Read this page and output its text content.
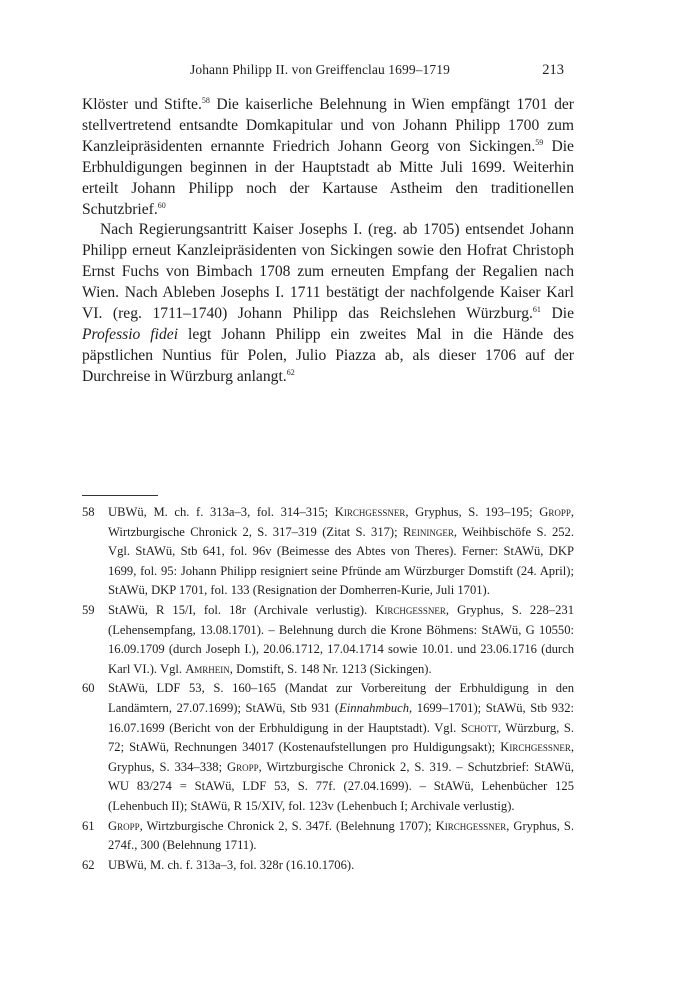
Johann Philipp II. von Greiffenclau 1699–1719	213

Klöster und Stifte.$^{58}$ Die kaiserliche Belehnung in Wien empfängt 1701 der stellvertretend entsandte Domkapitular und von Johann Philipp 1700 zum Kanzleipräsidenten ernannte Friedrich Johann Georg von Sickingen.$^{59}$ Die Erbhuldigungen beginnen in der Hauptstadt ab Mitte Juli 1699. Weiterhin erteilt Johann Philipp noch der Kartause Astheim den traditionellen Schutzbrief.$^{60}$

Nach Regierungsantritt Kaiser Josephs I. (reg. ab 1705) entsendet Johann Philipp erneut Kanzleipräsidenten von Sickingen sowie den Hofrat Christoph Ernst Fuchs von Bimbach 1708 zum erneuten Empfang der Regalien nach Wien. Nach Ableben Josephs I. 1711 bestätigt der nachfolgende Kaiser Karl VI. (reg. 1711–1740) Johann Philipp das Reichslehen Würzburg.$^{61}$ Die Professio fidei legt Johann Philipp ein zweites Mal in die Hände des päpstlichen Nuntius für Polen, Julio Piazza ab, als dieser 1706 auf der Durchreise in Würzburg anlangt.$^{62}$

58	UBWü, M. ch. f. 313a–3, fol. 314–315; Kirchgessner, Gryphus, S. 193–195; Gropp, Wirtzburgische Chronick 2, S. 317–319 (Zitat S. 317); Reininger, Weihbischöfe S. 252. Vgl. StAWü, Stb 641, fol. 96v (Beimesse des Abtes von Theres). Ferner: StAWü, DKP 1699, fol. 95: Johann Philipp resigniert seine Pfründe am Würzburger Domstift (24. April); StAWü, DKP 1701, fol. 133 (Resignation der Domherren-Kurie, Juli 1701).
59	StAWü, R 15/I, fol. 18r (Archivale verlustig). Kirchgessner, Gryphus, S. 228–231 (Lehensempfang, 13.08.1701). – Belehnung durch die Krone Böhmens: StAWü, G 10550: 16.09.1709 (durch Joseph I.), 20.06.1712, 17.04.1714 sowie 10.01. und 23.06.1716 (durch Karl VI.). Vgl. Amrhein, Domstift, S. 148 Nr. 1213 (Sickingen).
60	StAWü, LDF 53, S. 160–165 (Mandat zur Vorbereitung der Erbhuldigung in den Landämtern, 27.07.1699); StAWü, Stb 931 (Einnahmbuch, 1699–1701); StAWü, Stb 932: 16.07.1699 (Bericht von der Erbhuldigung in der Hauptstadt). Vgl. Schott, Würzburg, S. 72; StAWü, Rechnungen 34017 (Kostenaufstellungen pro Huldigungsakt); Kirchgessner, Gryphus, S. 334–338; Gropp, Wirtzburgische Chronick 2, S. 319. – Schutzbrief: StAWü, WU 83/274 = StAWü, LDF 53, S. 77f. (27.04.1699). – StAWü, Lehenbücher 125 (Lehenbuch II); StAWü, R 15/XIV, fol. 123v (Lehenbuch I; Archivale verlustig).
61	Gropp, Wirtzburgische Chronick 2, S. 347f. (Belehnung 1707); Kirchgessner, Gryphus, S. 274f., 300 (Belehnung 1711).
62	UBWü, M. ch. f. 313a–3, fol. 328r (16.10.1706).
